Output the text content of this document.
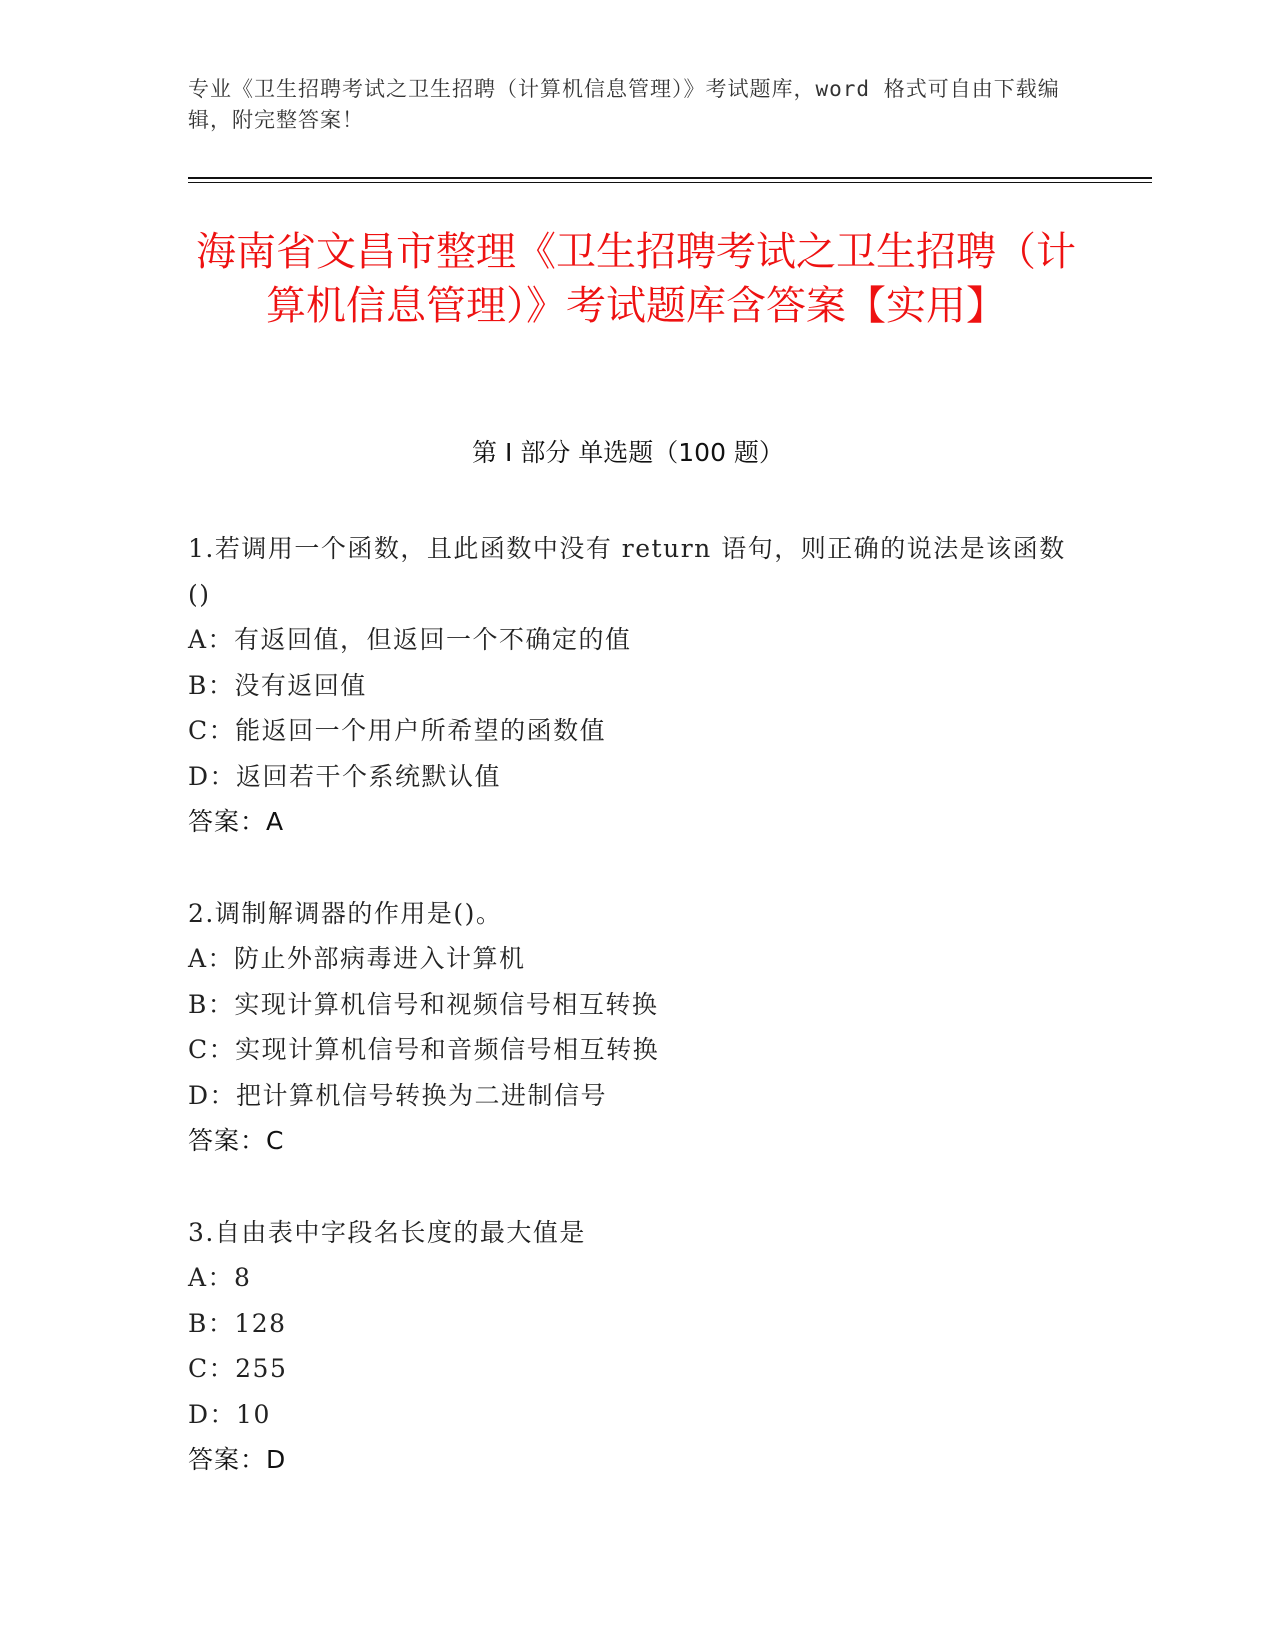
专业《卫生招聘考试之卫生招聘（计算机信息管理）》考试题库，word 格式可自由下载编辑，附完整答案！
海南省文昌市整理《卫生招聘考试之卫生招聘（计算机信息管理）》考试题库含答案【实用】
第 I 部分 单选题（100 题）
1.若调用一个函数，且此函数中没有 return 语句，则正确的说法是该函数()
A：有返回值，但返回一个不确定的值
B：没有返回值
C：能返回一个用户所希望的函数值
D：返回若干个系统默认值
答案：A
2.调制解调器的作用是()。
A：防止外部病毒进入计算机
B：实现计算机信号和视频信号相互转换
C：实现计算机信号和音频信号相互转换
D：把计算机信号转换为二进制信号
答案：C
3.自由表中字段名长度的最大值是
A：8
B：128
C：255
D：10
答案：D
